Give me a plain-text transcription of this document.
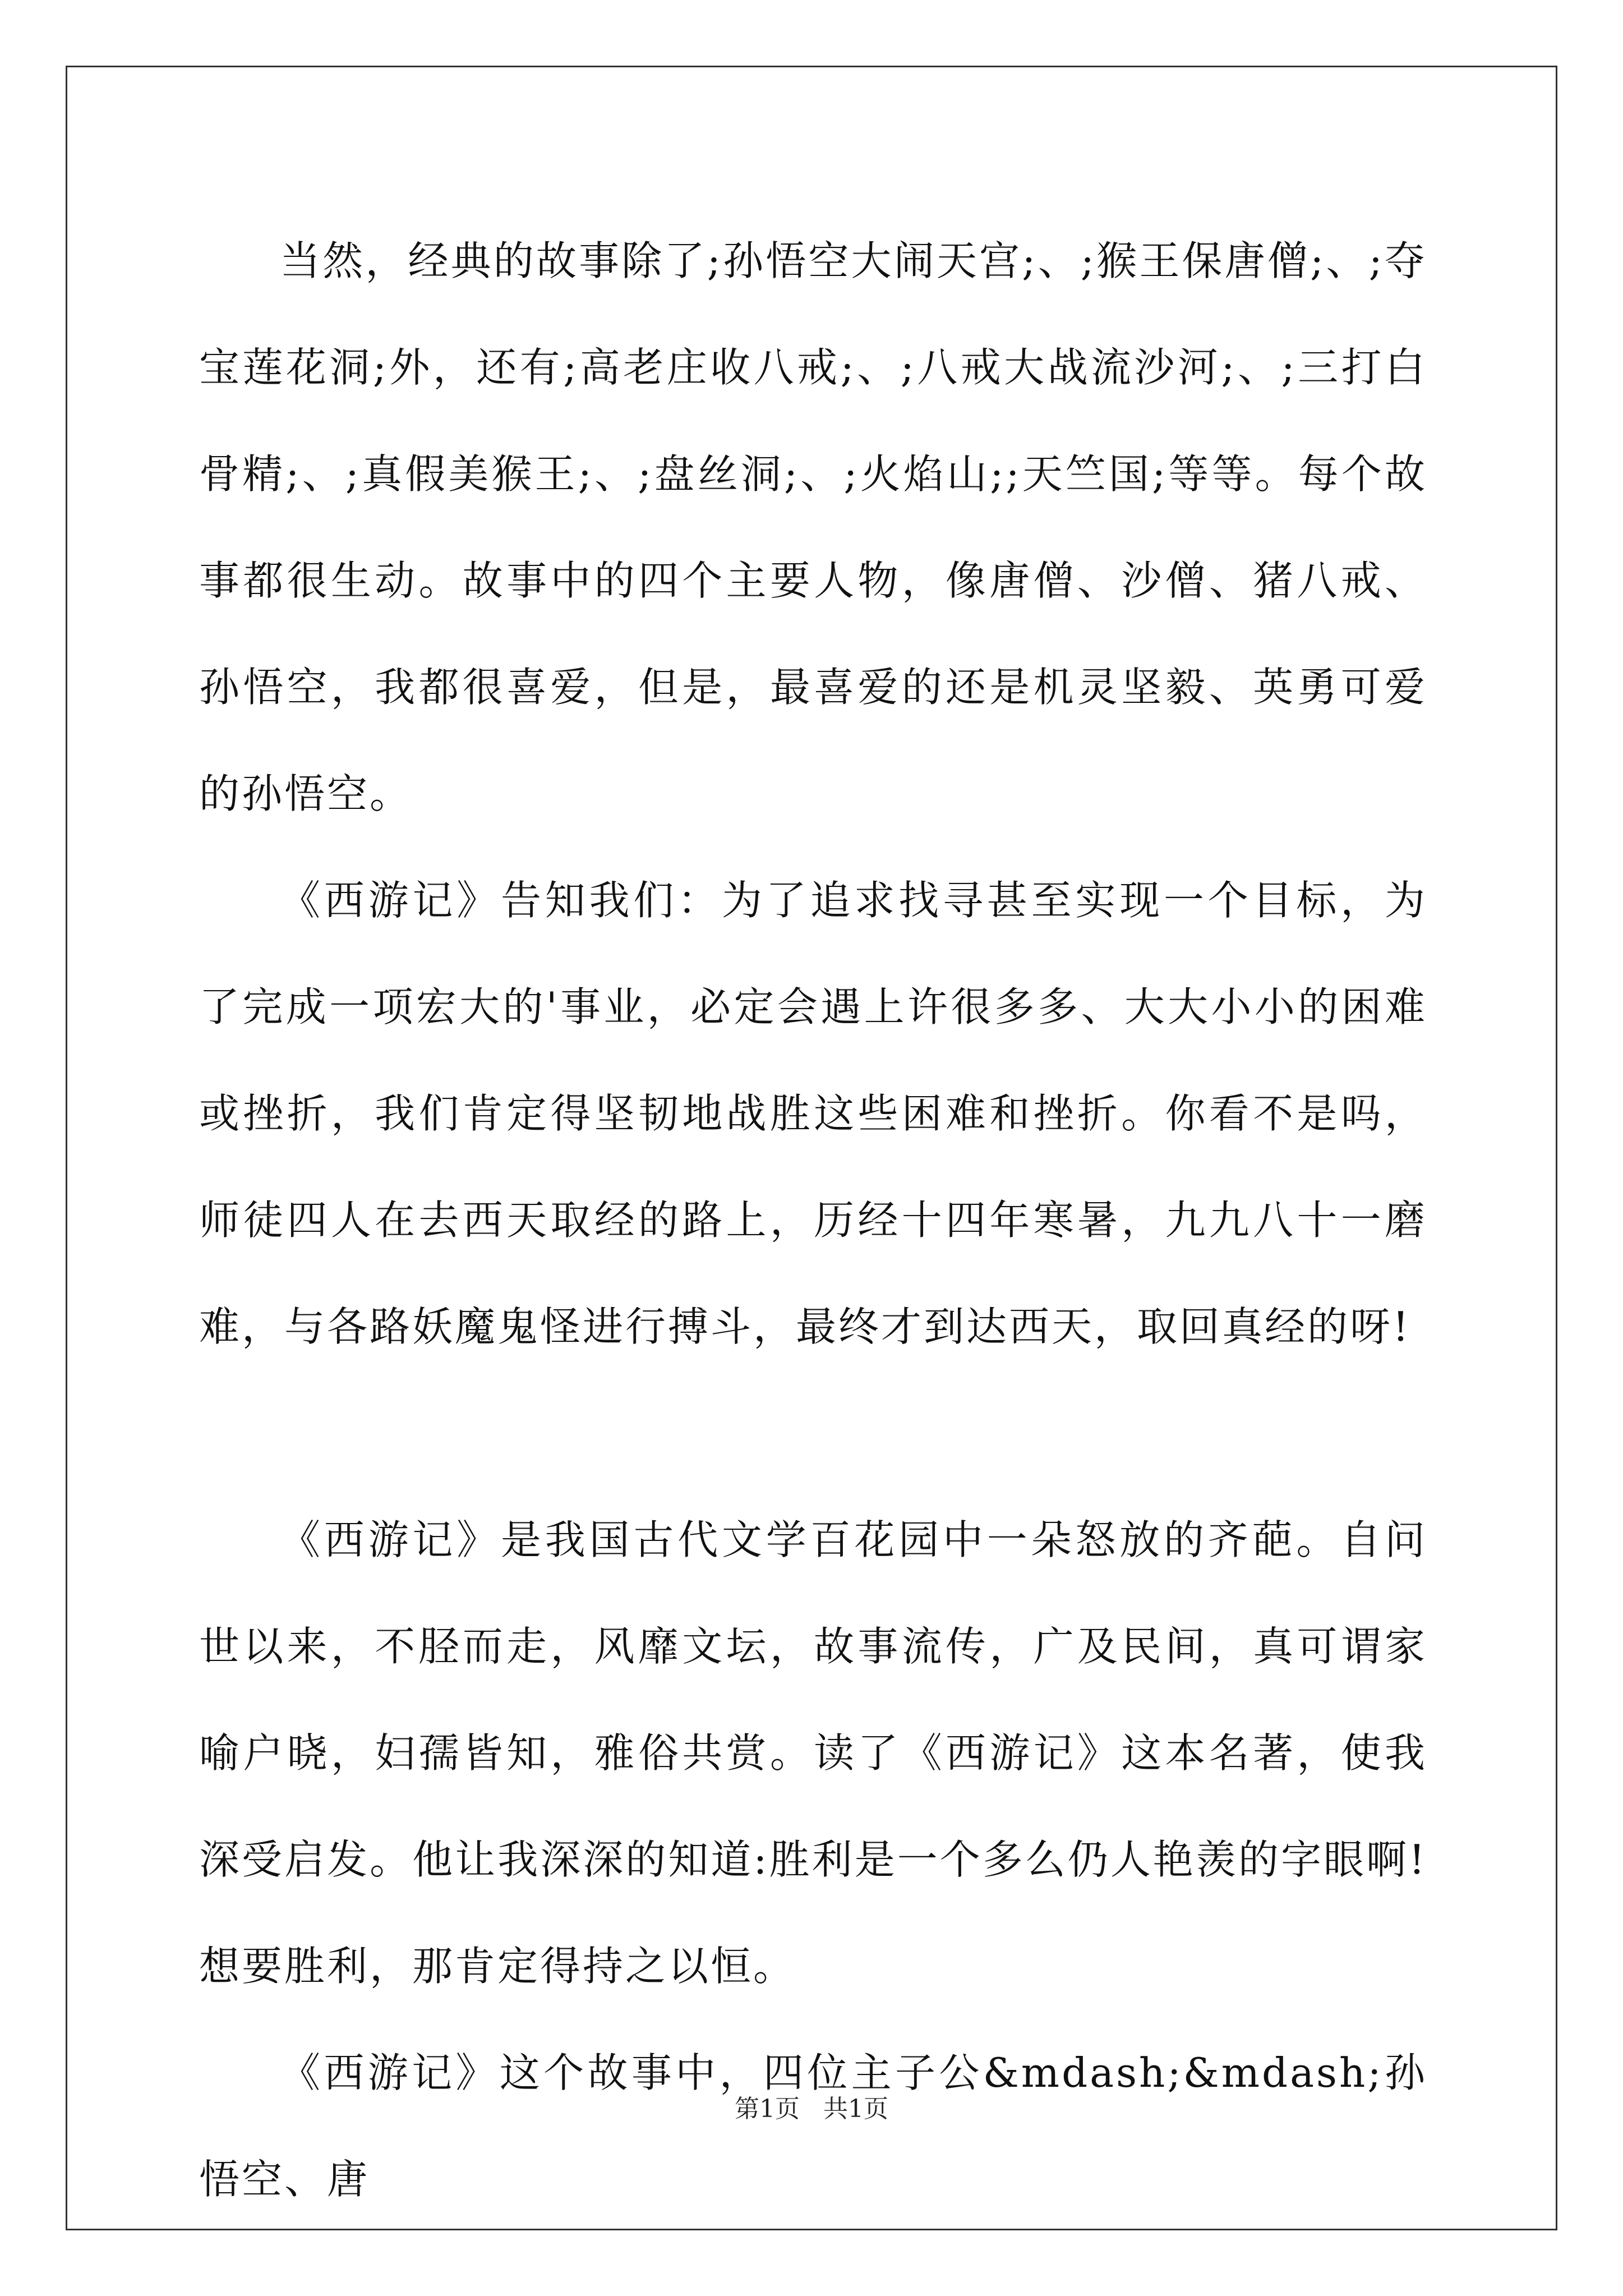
当然，经典的故事除了;孙悟空大闹天宫;、;猴王保唐僧;、;夺宝莲花洞;外，还有;高老庄收八戒;、;八戒大战流沙河;、;三打白骨精;、;真假美猴王;、;盘丝洞;、;火焰山;;天竺国;等等。每个故事都很生动。故事中的四个主要人物，像唐僧、沙僧、猪八戒、孙悟空，我都很喜爱，但是，最喜爱的还是机灵坚毅、英勇可爱的孙悟空。

《西游记》告知我们：为了追求找寻甚至实现一个目标，为了完成一项宏大的'事业，必定会遇上许很多多、大大小小的困难或挫折，我们肯定得坚韧地战胜这些困难和挫折。你看不是吗，师徒四人在去西天取经的路上，历经十四年寒暑，九九八十一磨难，与各路妖魔鬼怪进行搏斗，最终才到达西天，取回真经的呀!

《西游记》是我国古代文学百花园中一朵怒放的齐葩。自问世以来，不胫而走，风靡文坛，故事流传，广及民间，真可谓家喻户晓，妇孺皆知，雅俗共赏。读了《西游记》这本名著，使我深受启发。他让我深深的知道:胜利是一个多么仍人艳羡的字眼啊!想要胜利，那肯定得持之以恒。

《西游记》这个故事中，四位主子公&mdash;&mdash;孙悟空、唐

第1页   共1页
